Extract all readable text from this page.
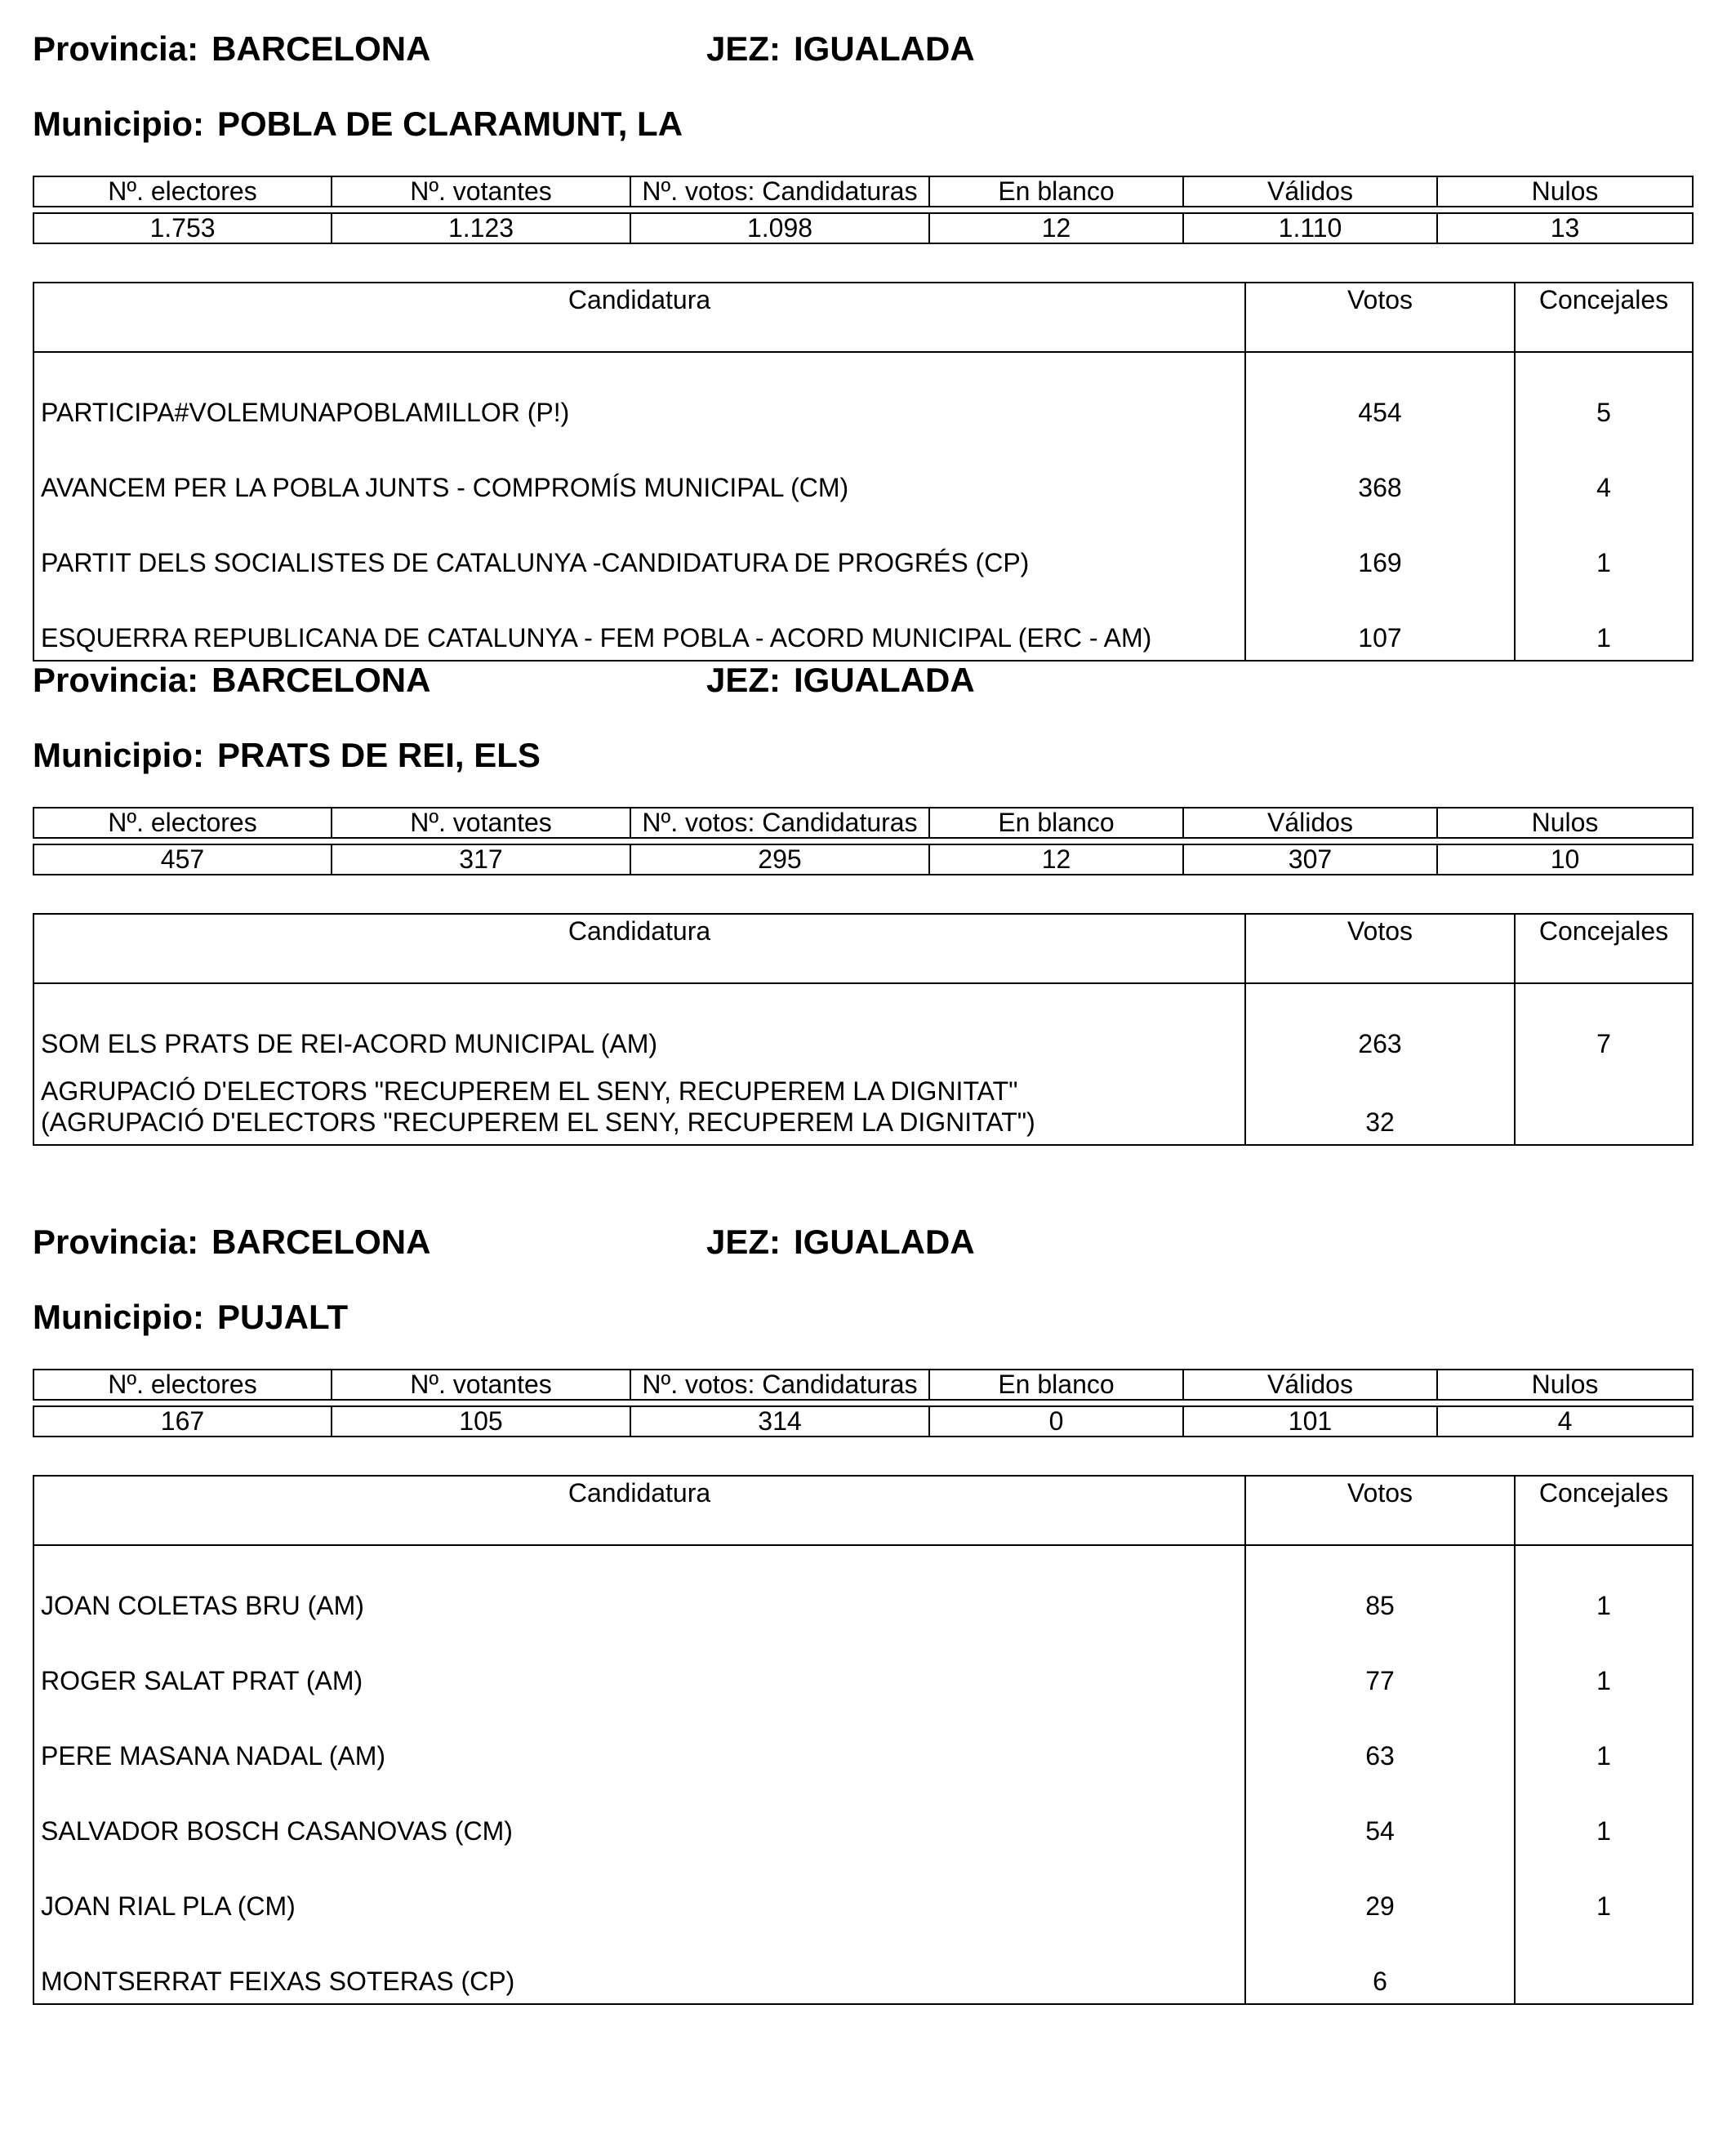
Provincia: BARCELONA	JEZ: IGUALADA
Municipio: POBLA DE CLARAMUNT, LA
Nº. electores	Nº. votantes	Nº. votos: Candidaturas	En blanco	Válidos	Nulos

1.753	1.123	1.098	12	1.110	13
Candidatura	Votos	Concejales
PARTICIPA#VOLEMUNAPOBLAMILLOR (P!)	454	5
AVANCEM PER LA POBLA JUNTS - COMPROMÍS MUNICIPAL (CM)	368	4
PARTIT DELS SOCIALISTES DE CATALUNYA -CANDIDATURA DE PROGRÉS (CP)	169	1
ESQUERRA REPUBLICANA DE CATALUNYA - FEM POBLA - ACORD MUNICIPAL (ERC - AM)	107	1
Provincia: BARCELONA	JEZ: IGUALADA
Municipio: PRATS DE REI, ELS
Nº. electores	Nº. votantes	Nº. votos: Candidaturas	En blanco	Válidos	Nulos

457	317	295	12	307	10
Candidatura	Votos	Concejales
SOM ELS PRATS DE REI-ACORD MUNICIPAL (AM)	263	7

AGRUPACIÓ D'ELECTORS "RECUPEREM EL SENY, RECUPEREM LA DIGNITAT"
(AGRUPACIÓ D'ELECTORS "RECUPEREM EL SENY, RECUPEREM LA DIGNITAT")	32	
Provincia: BARCELONA	JEZ: IGUALADA
Municipio: PUJALT
Nº. electores	Nº. votantes	Nº. votos: Candidaturas	En blanco	Válidos	Nulos

167	105	314	0	101	4
Candidatura	Votos	Concejales
JOAN COLETAS BRU (AM)	85	1
ROGER SALAT PRAT (AM)	77	1
PERE MASANA NADAL (AM)	63	1
SALVADOR BOSCH CASANOVAS (CM)	54	1
JOAN RIAL PLA (CM)	29	1
MONTSERRAT FEIXAS SOTERAS (CP)	6	
